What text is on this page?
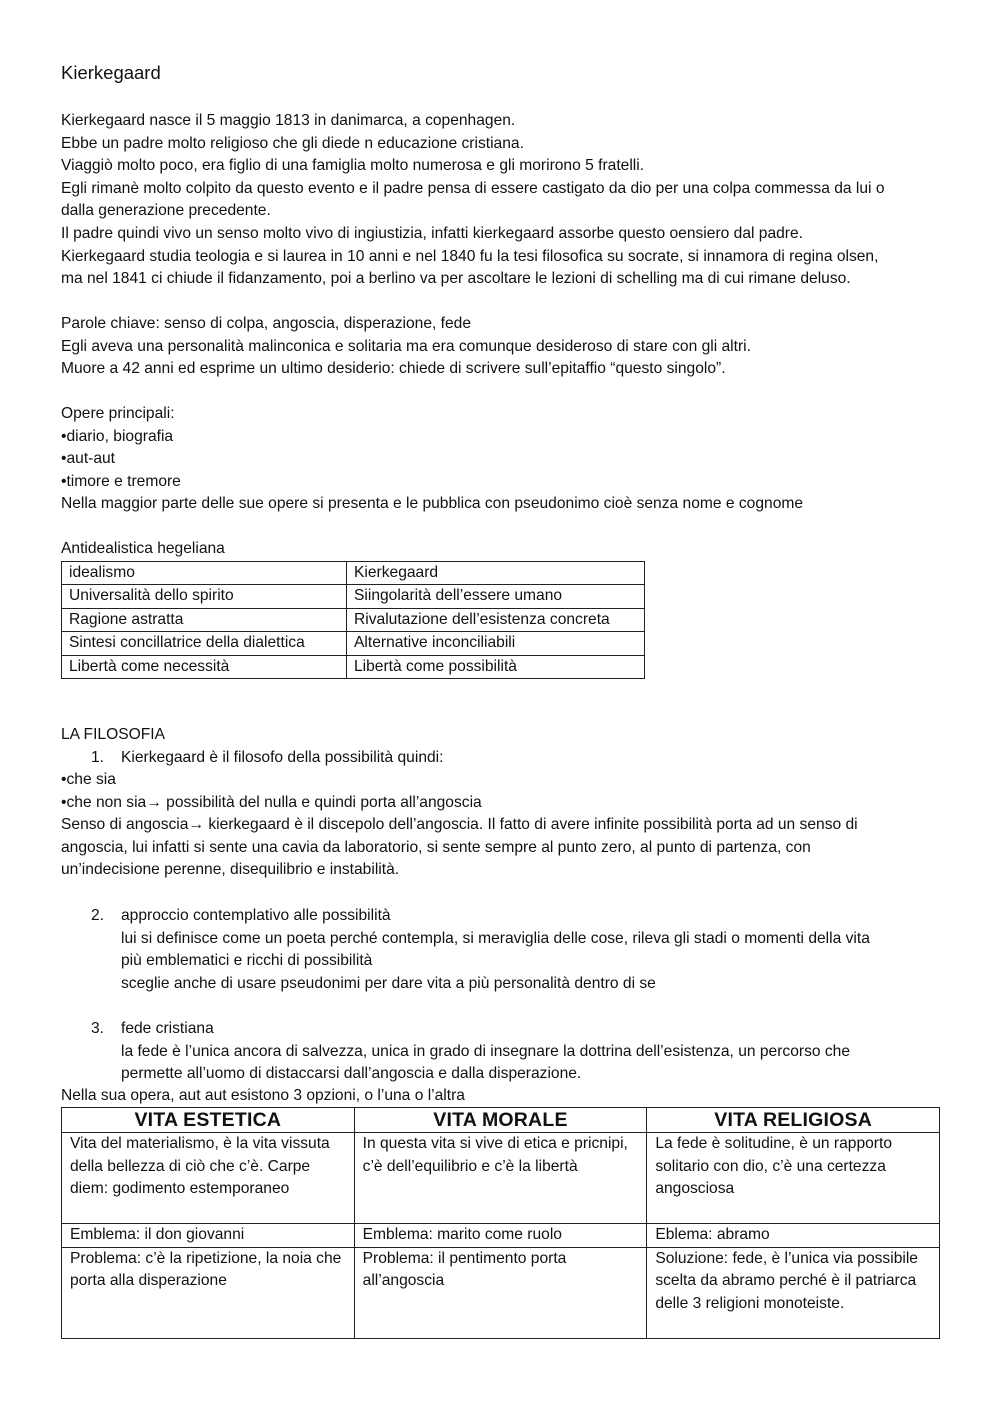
Kierkegaard
Kierkegaard nasce il 5 maggio 1813 in danimarca, a copenhagen.
Ebbe un padre molto religioso che gli diede n educazione cristiana.
Viaggiò molto poco, era figlio di una famiglia molto numerosa e gli morirono 5 fratelli.
Egli rimanè molto colpito da questo evento e il padre pensa di essere castigato da dio per una colpa commessa da lui o
dalla generazione precedente.
Il padre quindi vivo un senso molto vivo di ingiustizia, infatti kierkegaard assorbe questo oensiero dal padre.
Kierkegaard studia teologia e si laurea in 10 anni e nel 1840 fu la tesi filosofica su socrate, si innamora di regina olsen,
ma nel 1841 ci chiude il fidanzamento, poi a berlino va per ascoltare le lezioni di schelling ma di cui rimane deluso.
Parole chiave: senso di colpa, angoscia, disperazione, fede
Egli aveva una personalità malinconica e solitaria ma era comunque desideroso di stare con gli altri.
Muore a 42 anni ed esprime un ultimo desiderio: chiede di scrivere sull’epitaffio “questo singolo”.
Opere principali:
• diario, biografia
• aut-aut
• timore e tremore
Nella maggior parte delle sue opere si presenta e le pubblica con pseudonimo cioè senza nome e cognome
Antidealistica hegeliana
idealismo	Kierkegaard
Universalità dello spirito	Siingolarità dell’essere umano
Ragione astratta	Rivalutazione dell’esistenza concreta
Sintesi concillatrice della dialettica	Alternative inconciliabili
Libertà come necessità	Libertà come possibilità
LA FILOSOFIA
1. Kierkegaard è il filosofo della possibilità quindi:
• che sia
• che non sia→ possibilità del nulla e quindi porta all’angoscia
Senso di angoscia→ kierkegaard è il discepolo dell’angoscia. Il fatto di avere infinite possibilità porta ad un senso di
angoscia, lui infatti si sente una cavia da laboratorio, si sente sempre al punto zero, al punto di partenza, con
un’indecisione perenne, disequilibrio e instabilità.
2. approccio contemplativo alle possibilità
lui si definisce come un poeta perché contempla, si meraviglia delle cose, rileva gli stadi o momenti della vita
più emblematici e ricchi di possibilità
sceglie anche di usare pseudonimi per dare vita a più personalità dentro di se
3. fede cristiana
la fede è l’unica ancora di salvezza, unica in grado di insegnare la dottrina dell’esistenza, un percorso che
permette all’uomo di distaccarsi dall’angoscia e dalla disperazione.
Nella sua opera, aut aut esistono 3 opzioni, o l’una o l’altra
VITA ESTETICA	VITA MORALE	VITA RELIGIOSA
Vita del materialismo, è la vita vissuta della bellezza di ciò che c’è. Carpe diem: godimento estemporaneo	In questa vita si vive di etica e pricnipi, c’è dell’equilibrio e c’è la libertà	La fede è solitudine, è un rapporto solitario con dio, c’è una certezza angosciosa
Emblema: il don giovanni	Emblema: marito come ruolo	Eblema: abramo
Problema: c’è la ripetizione, la noia che porta alla disperazione	Problema: il pentimento porta all’angoscia	Soluzione: fede, è l’unica via possibile scelta da abramo perché è il patriarca delle 3 religioni monoteiste.
